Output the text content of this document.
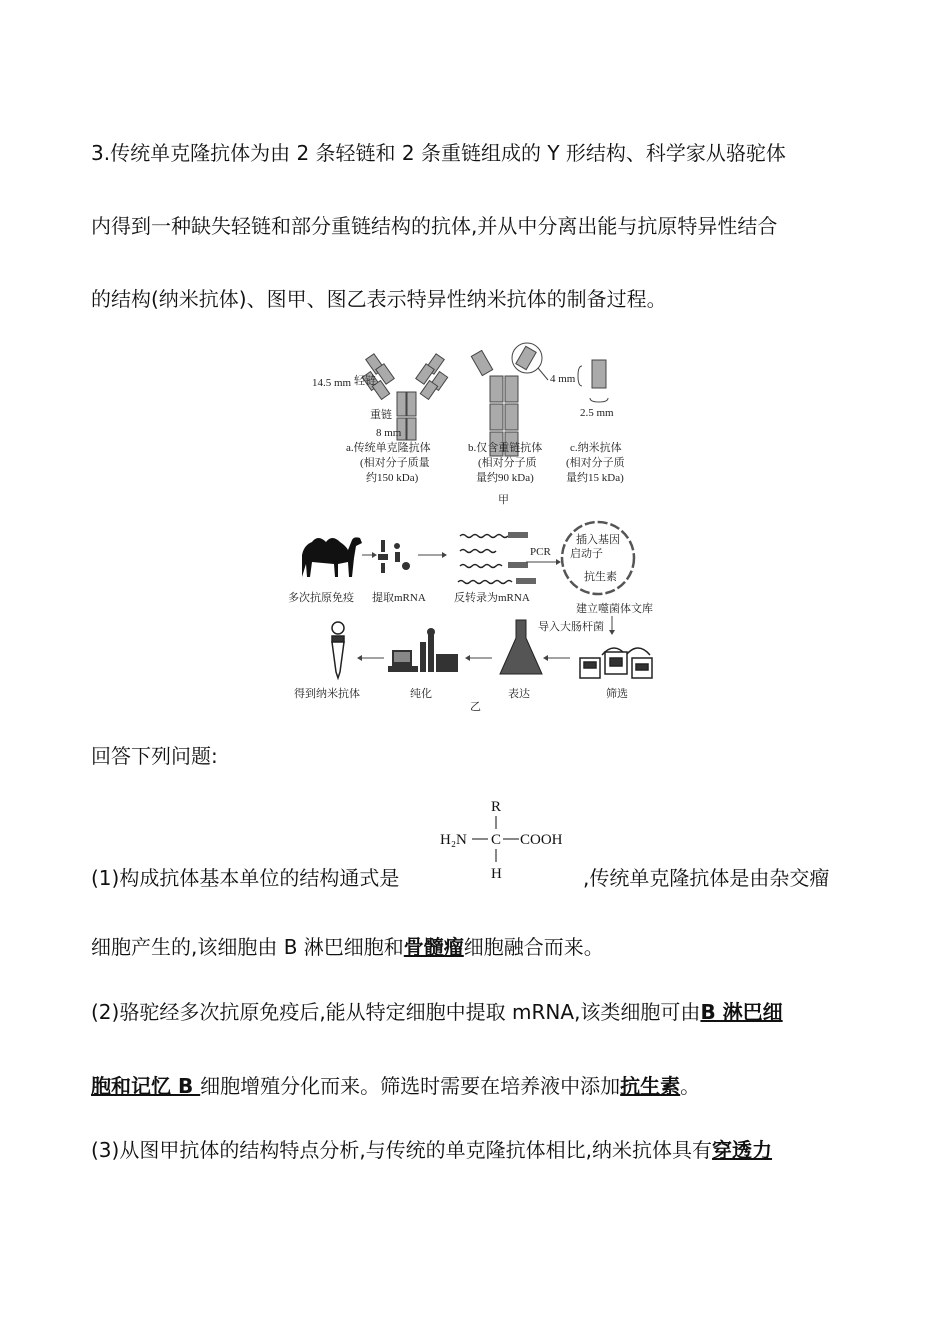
3.传统单克隆抗体为由 2 条轻链和 2 条重链组成的 Y 形结构、科学家从骆驼体
内得到一种缺失轻链和部分重链结构的抗体,并从中分离出能与抗原特异性结合
的结构(纳米抗体)、图甲、图乙表示特异性纳米抗体的制备过程。
14.5 mm 轻链
重链
8 mm
a.传统单克隆抗体
(相对分子质量
约150 kDa)
b.仅含重链抗体
(相对分子质
量约90 kDa)
4 mm
2.5 mm
c.纳米抗体
(相对分子质
量约15 kDa)
甲
多次抗原免疫 提取mRNA	反转录为mRNA
PCR
插入基因
启动子
抗生素
建立噬菌体文库
导入大肠杆菌
筛选
表达
纯化
得到纳米抗体
乙
回答下列问题:
R
H₂N C COOH
H
(1)构成抗体基本单位的结构通式是	,传统单克隆抗体是由杂交瘤
细胞产生的,该细胞由 B 淋巴细胞和骨髓瘤细胞融合而来。
(2)骆驼经多次抗原免疫后,能从特定细胞中提取 mRNA,该类细胞可由B 淋巴细
胞和记忆 B 细胞增殖分化而来。筛选时需要在培养液中添加抗生素。
(3)从图甲抗体的结构特点分析,与传统的单克隆抗体相比,纳米抗体具有穿透力
